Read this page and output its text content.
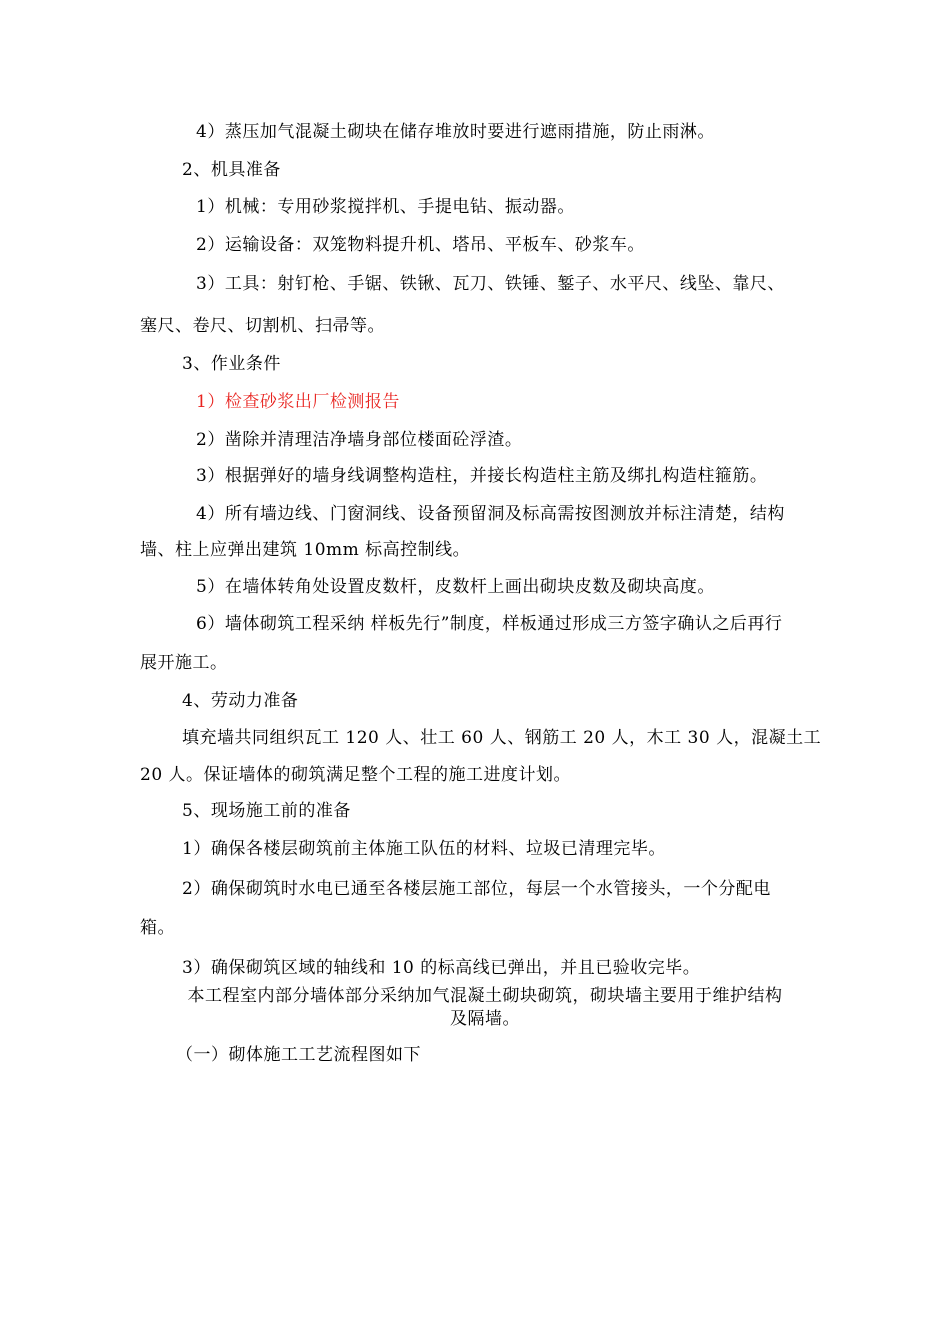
4）蒸压加气混凝土砌块在储存堆放时要进行遮雨措施，防止雨淋。
2、机具准备
1）机械：专用砂浆搅拌机、手提电钻、振动器。
2）运输设备：双笼物料提升机、塔吊、平板车、砂浆车。
3）工具：射钉枪、手锯、铁锹、瓦刀、铁锤、錾子、水平尺、线坠、靠尺、
塞尺、卷尺、切割机、扫帚等。
3、作业条件
1）检查砂浆出厂检测报告
2）凿除并清理洁净墙身部位楼面砼浮渣。
3）根据弹好的墙身线调整构造柱，并接长构造柱主筋及绑扎构造柱箍筋。
4）所有墙边线、门窗洞线、设备预留洞及标高需按图测放并标注清楚，结构
墙、柱上应弹出建筑 10mm 标高控制线。
5）在墙体转角处设置皮数杆，皮数杆上画出砌块皮数及砌块高度。
6）墙体砌筑工程采纳 样板先行”制度，样板通过形成三方签字确认之后再行
展开施工。
4、劳动力准备
填充墙共同组织瓦工 120 人、壮工 60 人、钢筋工 20 人，木工 30 人，混凝土工
20 人。保证墙体的砌筑满足整个工程的施工进度计划。
5、现场施工前的准备
1）确保各楼层砌筑前主体施工队伍的材料、垃圾已清理完毕。
2）确保砌筑时水电已通至各楼层施工部位，每层一个水管接头，一个分配电
箱。
3）确保砌筑区域的轴线和 10 的标高线已弹出，并且已验收完毕。
本工程室内部分墙体部分采纳加气混凝土砌块砌筑，砌块墙主要用于维护结构
及隔墙。
（一）砌体施工工艺流程图如下
